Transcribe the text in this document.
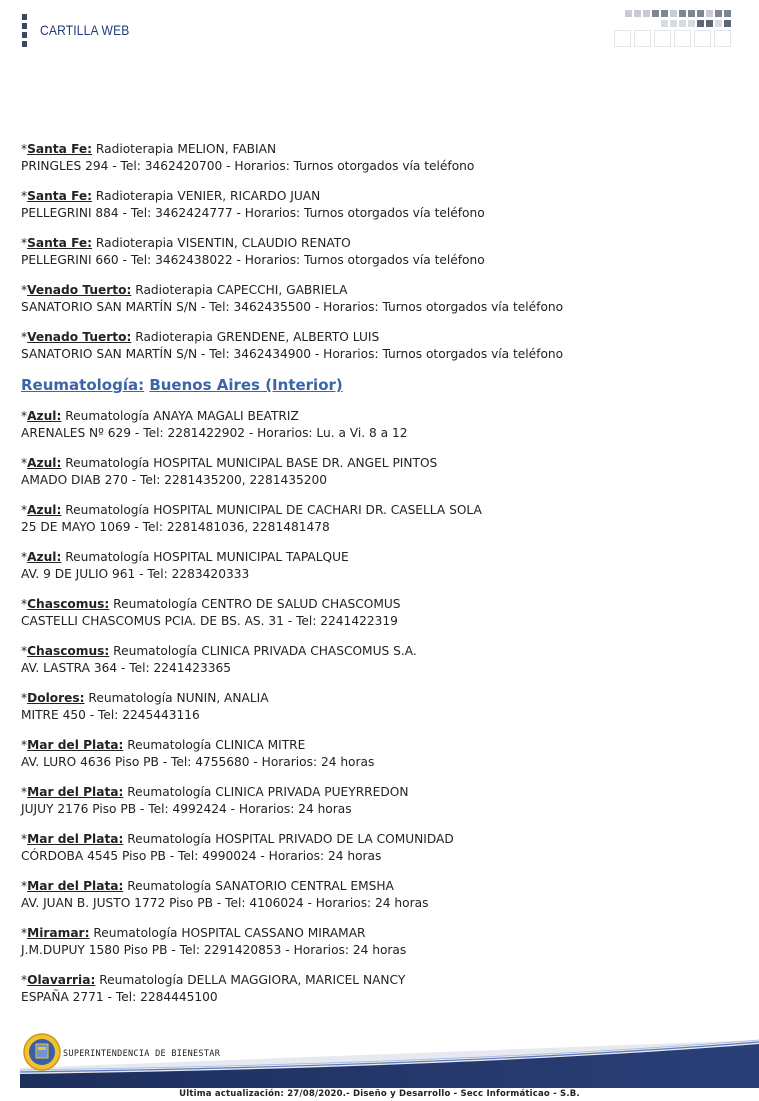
CARTILLA WEB
*Santa Fe: Radioterapia MELION, FABIAN
PRINGLES 294 - Tel: 3462420700 - Horarios: Turnos otorgados vía teléfono
*Santa Fe: Radioterapia VENIER, RICARDO JUAN
PELLEGRINI 884 - Tel: 3462424777 - Horarios: Turnos otorgados vía teléfono
*Santa Fe: Radioterapia VISENTIN, CLAUDIO RENATO
PELLEGRINI 660 - Tel: 3462438022 - Horarios: Turnos otorgados vía teléfono
*Venado Tuerto: Radioterapia CAPECCHI, GABRIELA
SANATORIO SAN MARTÍN S/N - Tel: 3462435500 - Horarios: Turnos otorgados vía teléfono
*Venado Tuerto: Radioterapia GRENDENE, ALBERTO LUIS
SANATORIO SAN MARTÍN S/N - Tel: 3462434900 - Horarios: Turnos otorgados vía teléfono
Reumatología: Buenos Aires (Interior)
*Azul: Reumatología ANAYA MAGALI BEATRIZ
ARENALES Nº 629 - Tel: 2281422902 - Horarios: Lu. a Vi. 8 a 12
*Azul: Reumatología HOSPITAL MUNICIPAL BASE DR. ANGEL PINTOS
AMADO DIAB 270 - Tel: 2281435200, 2281435200
*Azul: Reumatología HOSPITAL MUNICIPAL DE CACHARI DR. CASELLA SOLA
25 DE MAYO 1069 - Tel: 2281481036, 2281481478
*Azul: Reumatología HOSPITAL MUNICIPAL TAPALQUE
AV. 9 DE JULIO 961 - Tel: 2283420333
*Chascomus: Reumatología CENTRO DE SALUD CHASCOMUS
CASTELLI CHASCOMUS PCIA. DE BS. AS. 31 - Tel: 2241422319
*Chascomus: Reumatología CLINICA PRIVADA CHASCOMUS S.A.
AV. LASTRA 364 - Tel: 2241423365
*Dolores: Reumatología NUNIN, ANALIA
MITRE 450 - Tel: 2245443116
*Mar del Plata: Reumatología CLINICA MITRE
AV. LURO 4636 Piso PB - Tel: 4755680 - Horarios: 24 horas
*Mar del Plata: Reumatología CLINICA PRIVADA PUEYRREDON
JUJUY 2176 Piso PB - Tel: 4992424 - Horarios: 24 horas
*Mar del Plata: Reumatología HOSPITAL PRIVADO DE LA COMUNIDAD
CÓRDOBA 4545 Piso PB - Tel: 4990024 - Horarios: 24 horas
*Mar del Plata: Reumatología SANATORIO CENTRAL EMSHA
AV. JUAN B. JUSTO 1772 Piso PB - Tel: 4106024 - Horarios: 24 horas
*Miramar: Reumatología HOSPITAL CASSANO MIRAMAR
J.M.DUPUY 1580 Piso PB - Tel: 2291420853 - Horarios: 24 horas
*Olavarria: Reumatología DELLA MAGGIORA, MARICEL NANCY
ESPAÑA 2771 - Tel: 2284445100
SUPERINTENDENCIA DE BIENESTAR
Ultima actualización: 27/08/2020.- Diseño y Desarrollo - Secc Informáticao - S.B.
